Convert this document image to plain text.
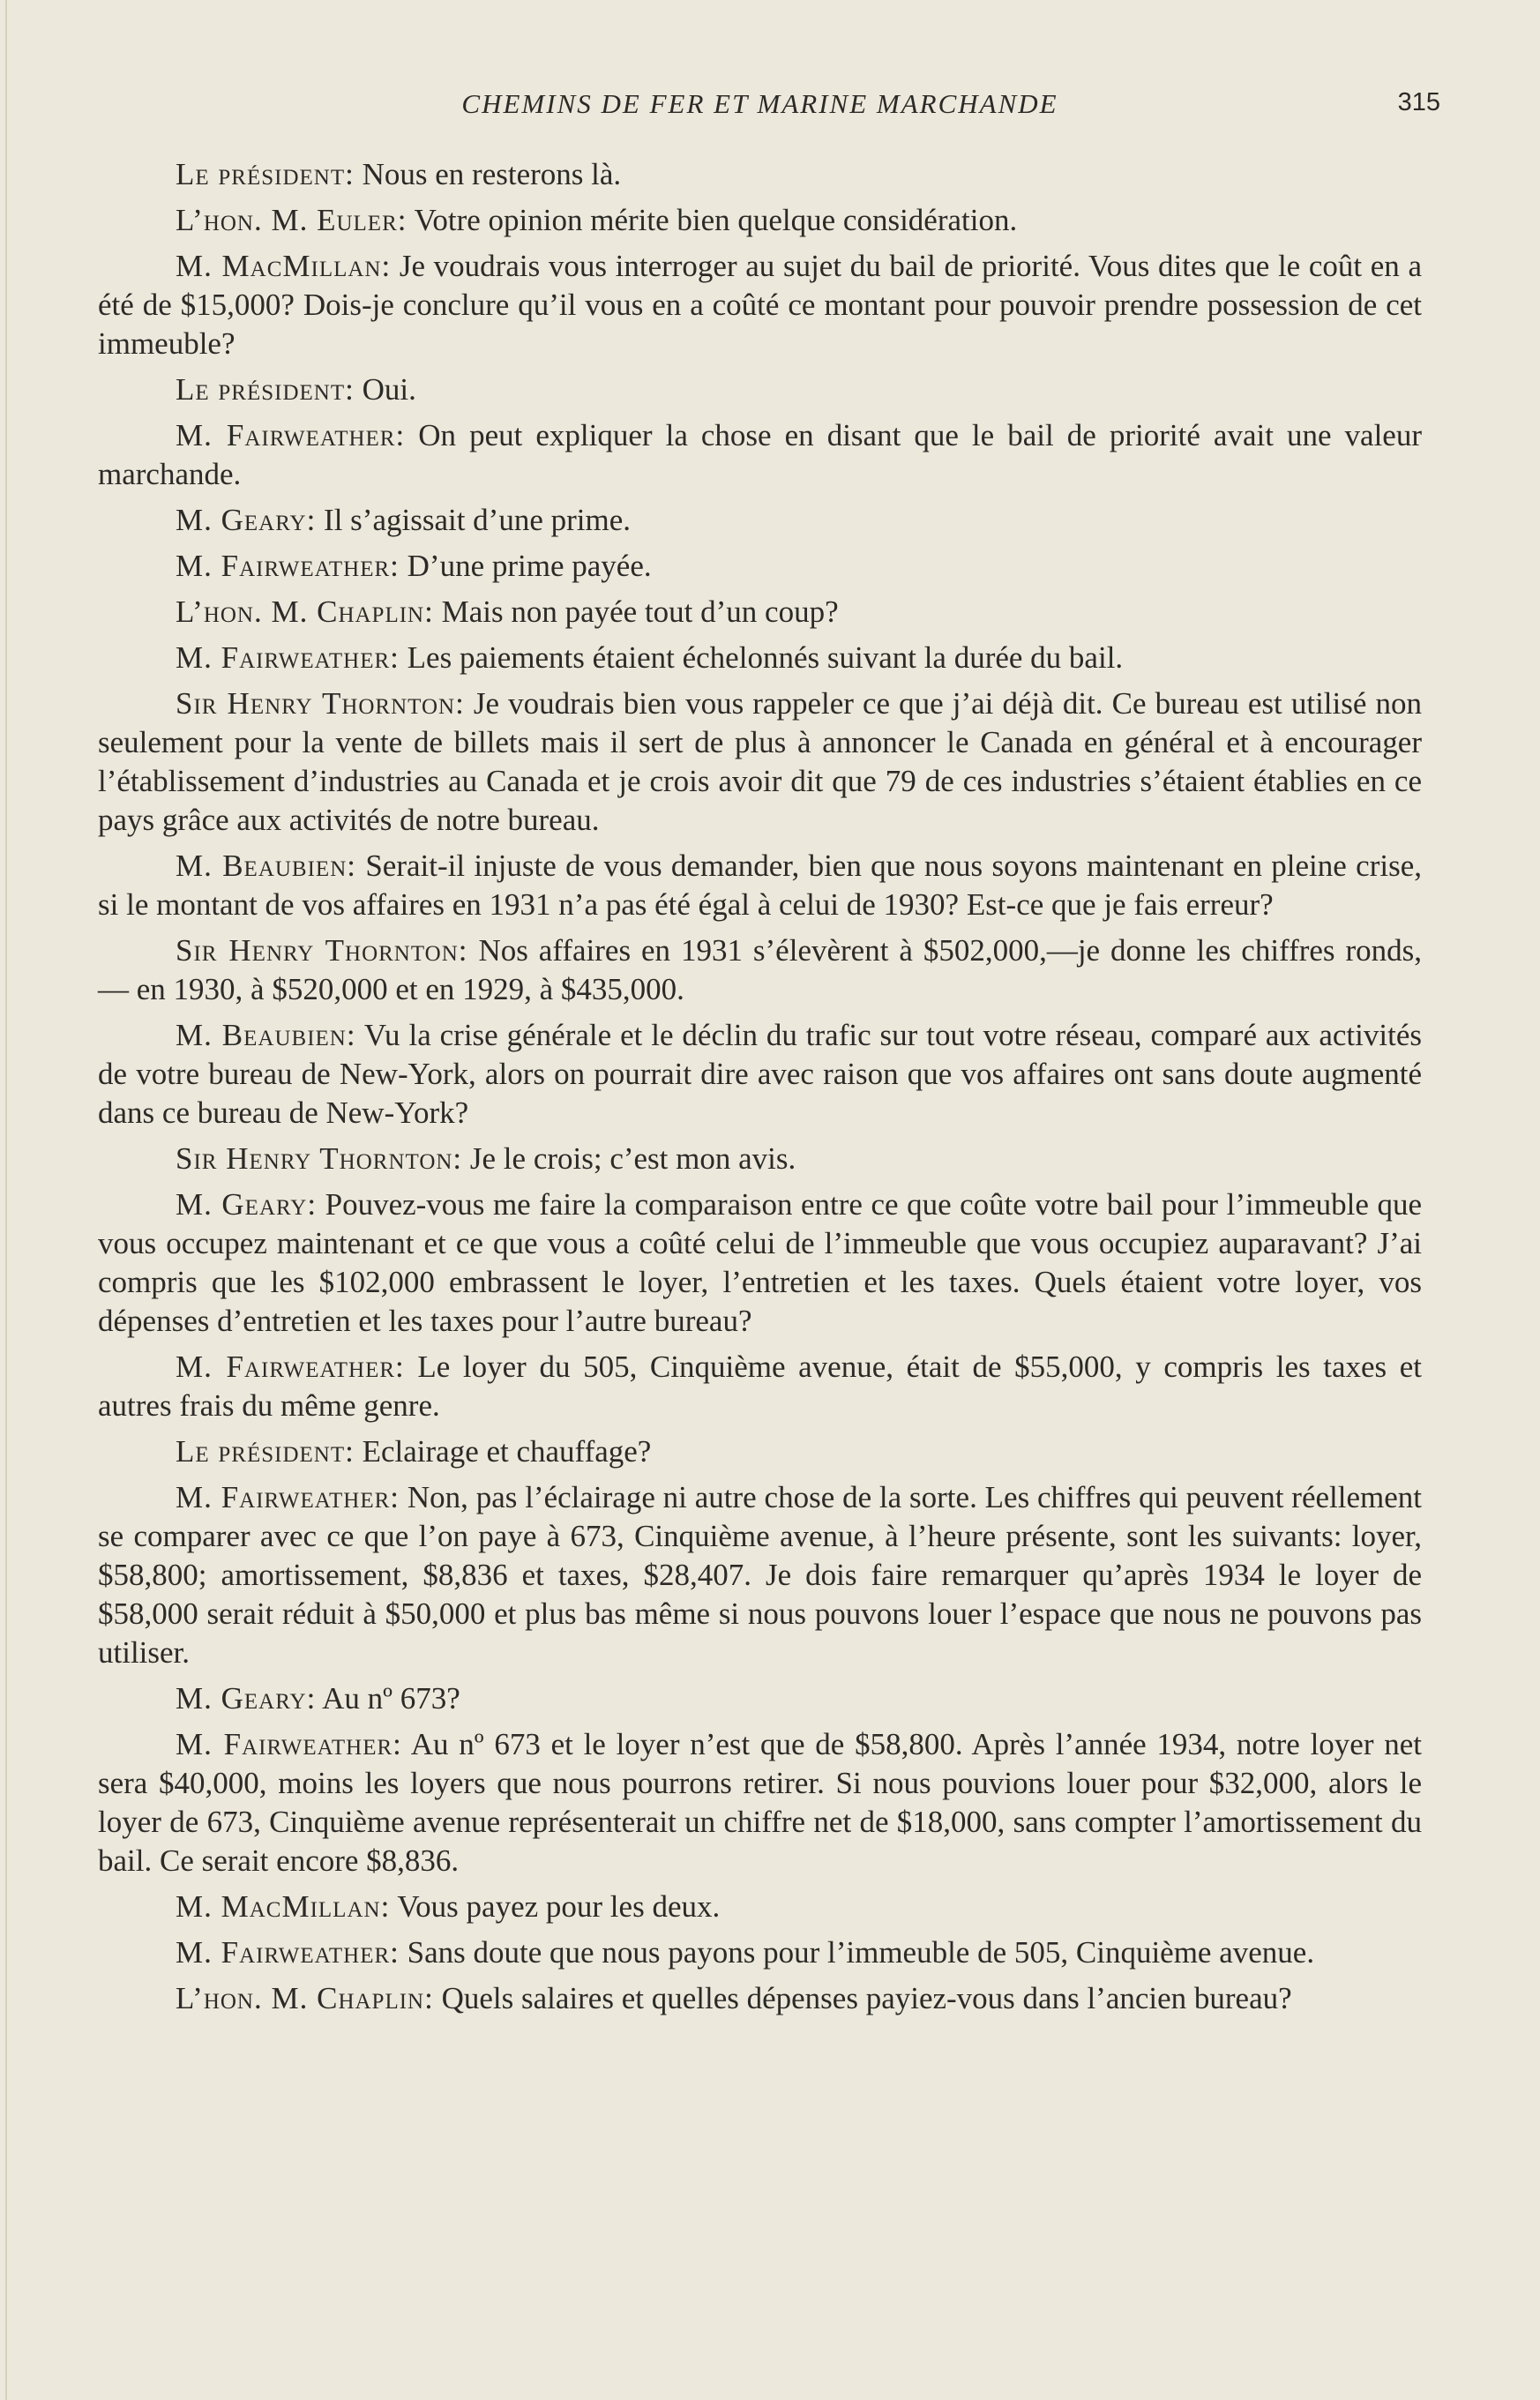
CHEMINS DE FER ET MARINE MARCHANDE	315

Le président: Nous en resterons là.

L’hon. M. Euler: Votre opinion mérite bien quelque considération.

M. MacMillan: Je voudrais vous interroger au sujet du bail de priorité. Vous dites que le coût en a été de $15,000? Dois-je conclure qu’il vous en a coûté ce montant pour pouvoir prendre possession de cet immeuble?

Le président: Oui.

M. Fairweather: On peut expliquer la chose en disant que le bail de priorité avait une valeur marchande.

M. Geary: Il s’agissait d’une prime.

M. Fairweather: D’une prime payée.

L’hon. M. Chaplin: Mais non payée tout d’un coup?

M. Fairweather: Les paiements étaient échelonnés suivant la durée du bail.

Sir Henry Thornton: Je voudrais bien vous rappeler ce que j’ai déjà dit. Ce bureau est utilisé non seulement pour la vente de billets mais il sert de plus à annoncer le Canada en général et à encourager l’établissement d’industries au Canada et je crois avoir dit que 79 de ces industries s’étaient établies en ce pays grâce aux activités de notre bureau.

M. Beaubien: Serait-il injuste de vous demander, bien que nous soyons maintenant en pleine crise, si le montant de vos affaires en 1931 n’a pas été égal à celui de 1930? Est-ce que je fais erreur?

Sir Henry Thornton: Nos affaires en 1931 s’élevèrent à $502,000,—je donne les chiffres ronds, — en 1930, à $520,000 et en 1929, à $435,000.

M. Beaubien: Vu la crise générale et le déclin du trafic sur tout votre réseau, comparé aux activités de votre bureau de New-York, alors on pourrait dire avec raison que vos affaires ont sans doute augmenté dans ce bureau de New-York?

Sir Henry Thornton: Je le crois; c’est mon avis.

M. Geary: Pouvez-vous me faire la comparaison entre ce que coûte votre bail pour l’immeuble que vous occupez maintenant et ce que vous a coûté celui de l’immeuble que vous occupiez auparavant? J’ai compris que les $102,000 embrassent le loyer, l’entretien et les taxes. Quels étaient votre loyer, vos dépenses d’entretien et les taxes pour l’autre bureau?

M. Fairweather: Le loyer du 505, Cinquième avenue, était de $55,000, y compris les taxes et autres frais du même genre.

Le président: Eclairage et chauffage?

M. Fairweather: Non, pas l’éclairage ni autre chose de la sorte. Les chiffres qui peuvent réellement se comparer avec ce que l’on paye à 673, Cinquième avenue, à l’heure présente, sont les suivants: loyer, $58,800; amortissement, $8,836 et taxes, $28,407. Je dois faire remarquer qu’après 1934 le loyer de $58,000 serait réduit à $50,000 et plus bas même si nous pouvons louer l’espace que nous ne pouvons pas utiliser.

M. Geary: Au nº 673?

M. Fairweather: Au nº 673 et le loyer n’est que de $58,800. Après l’année 1934, notre loyer net sera $40,000, moins les loyers que nous pourrons retirer. Si nous pouvions louer pour $32,000, alors le loyer de 673, Cinquième avenue représenterait un chiffre net de $18,000, sans compter l’amortissement du bail. Ce serait encore $8,836.

M. MacMillan: Vous payez pour les deux.

M. Fairweather: Sans doute que nous payons pour l’immeuble de 505, Cinquième avenue.

L’hon. M. Chaplin: Quels salaires et quelles dépenses payiez-vous dans l’ancien bureau?
